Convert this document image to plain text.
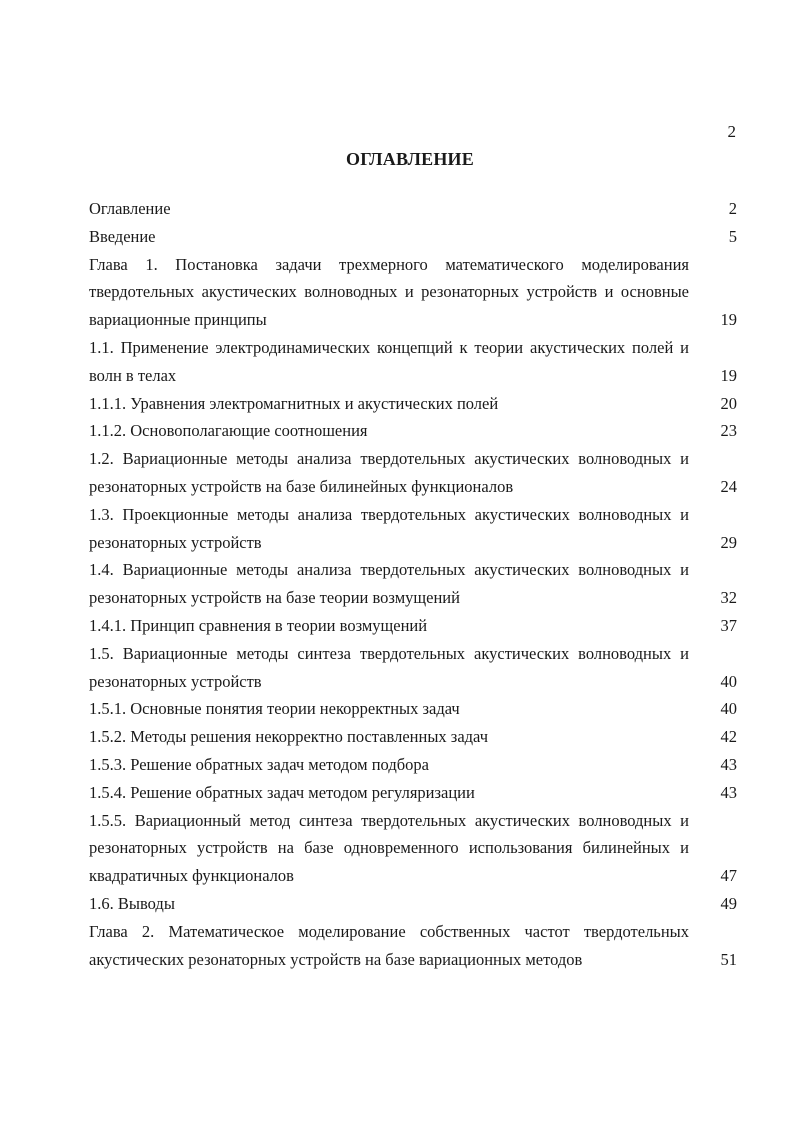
2
ОГЛАВЛЕНИЕ
Оглавление	2
Введение	5
Глава 1. Постановка задачи трехмерного математического моделирования твердотельных акустических волноводных и резонаторных устройств и основные вариационные принципы	19
1.1. Применение электродинамических концепций к теории акустических полей и волн в телах	19
1.1.1. Уравнения электромагнитных и акустических полей	20
1.1.2. Основополагающие соотношения	23
1.2. Вариационные методы анализа твердотельных акустических волноводных и резонаторных устройств на базе билинейных функционалов	24
1.3. Проекционные методы анализа твердотельных акустических волноводных и резонаторных устройств	29
1.4. Вариационные методы анализа твердотельных акустических волноводных и резонаторных устройств на базе теории возмущений	32
1.4.1. Принцип сравнения в теории возмущений	37
1.5. Вариационные методы синтеза твердотельных акустических волноводных и резонаторных устройств	40
1.5.1. Основные понятия теории некорректных задач	40
1.5.2. Методы решения некорректно поставленных задач	42
1.5.3. Решение обратных задач методом подбора	43
1.5.4. Решение обратных задач методом регуляризации	43
1.5.5. Вариационный метод синтеза твердотельных акустических волноводных и резонаторных устройств на базе одновременного использования билинейных и квадратичных функционалов	47
1.6. Выводы	49
Глава 2. Математическое моделирование собственных частот твердотельных акустических резонаторных устройств на базе вариационных методов	51
